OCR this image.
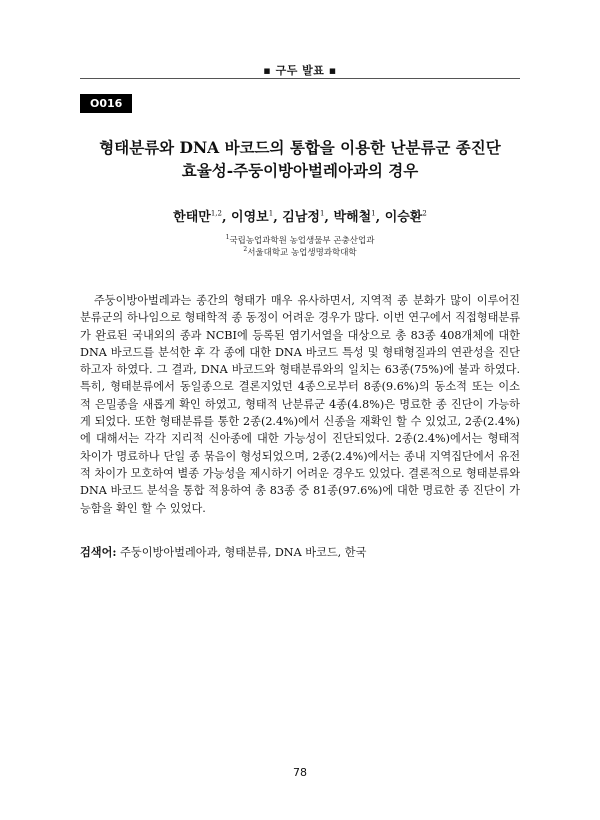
▪ 구두 발표 ▪
O016
형태분류와 DNA 바코드의 통합을 이용한 난분류군 종진단
효율성-주둥이방아벌레아과의 경우
한태만$^{1,2}$, 이영보$^1$, 김남정$^1$, 박해철$^1$, 이승환$^2$
$^1$국립농업과학원 농업생물부 곤충산업과
$^2$서울대학교 농업생명과학대학

주둥이방아벌레과는 종간의 형태가 매우 유사하면서, 지역적 종 분화가 많이 이루어진 분류군의 하나임으로 형태학적 종 동정이 어려운 경우가 많다. 이번 연구에서 직접형태분류가 완료된 국내외의 종과 NCBI에 등록된 염기서열을 대상으로 총 83종 408개체에 대한 DNA 바코드를 분석한 후 각 종에 대한 DNA 바코드 특성 및 형태형질과의 연관성을 진단하고자 하였다. 그 결과, DNA 바코드와 형태분류와의 일치는 63종(75%)에 불과 하였다. 특히, 형태분류에서 동일종으로 결론지었던 4종으로부터 8종(9.6%)의 동소적 또는 이소적 은밀종을 새롭게 확인 하였고, 형태적 난분류군 4종(4.8%)은 명료한 종 진단이 가능하게 되었다. 또한 형태분류를 통한 2종(2.4%)에서 신종을 재확인 할 수 있었고, 2종(2.4%)에 대해서는 각각 지리적 신아종에 대한 가능성이 진단되었다. 2종(2.4%)에서는 형태적 차이가 명료하나 단일 종 묶음이 형성되었으며, 2종(2.4%)에서는 종내 지역집단에서 유전적 차이가 모호하여 별종 가능성을 제시하기 어려운 경우도 있었다. 결론적으로 형태분류와 DNA 바코드 분석을 통합 적용하여 총 83종 중 81종(97.6%)에 대한 명료한 종 진단이 가능함을 확인 할 수 있었다.

검색어: 주둥이방아벌레아과, 형태분류, DNA 바코드, 한국
78
